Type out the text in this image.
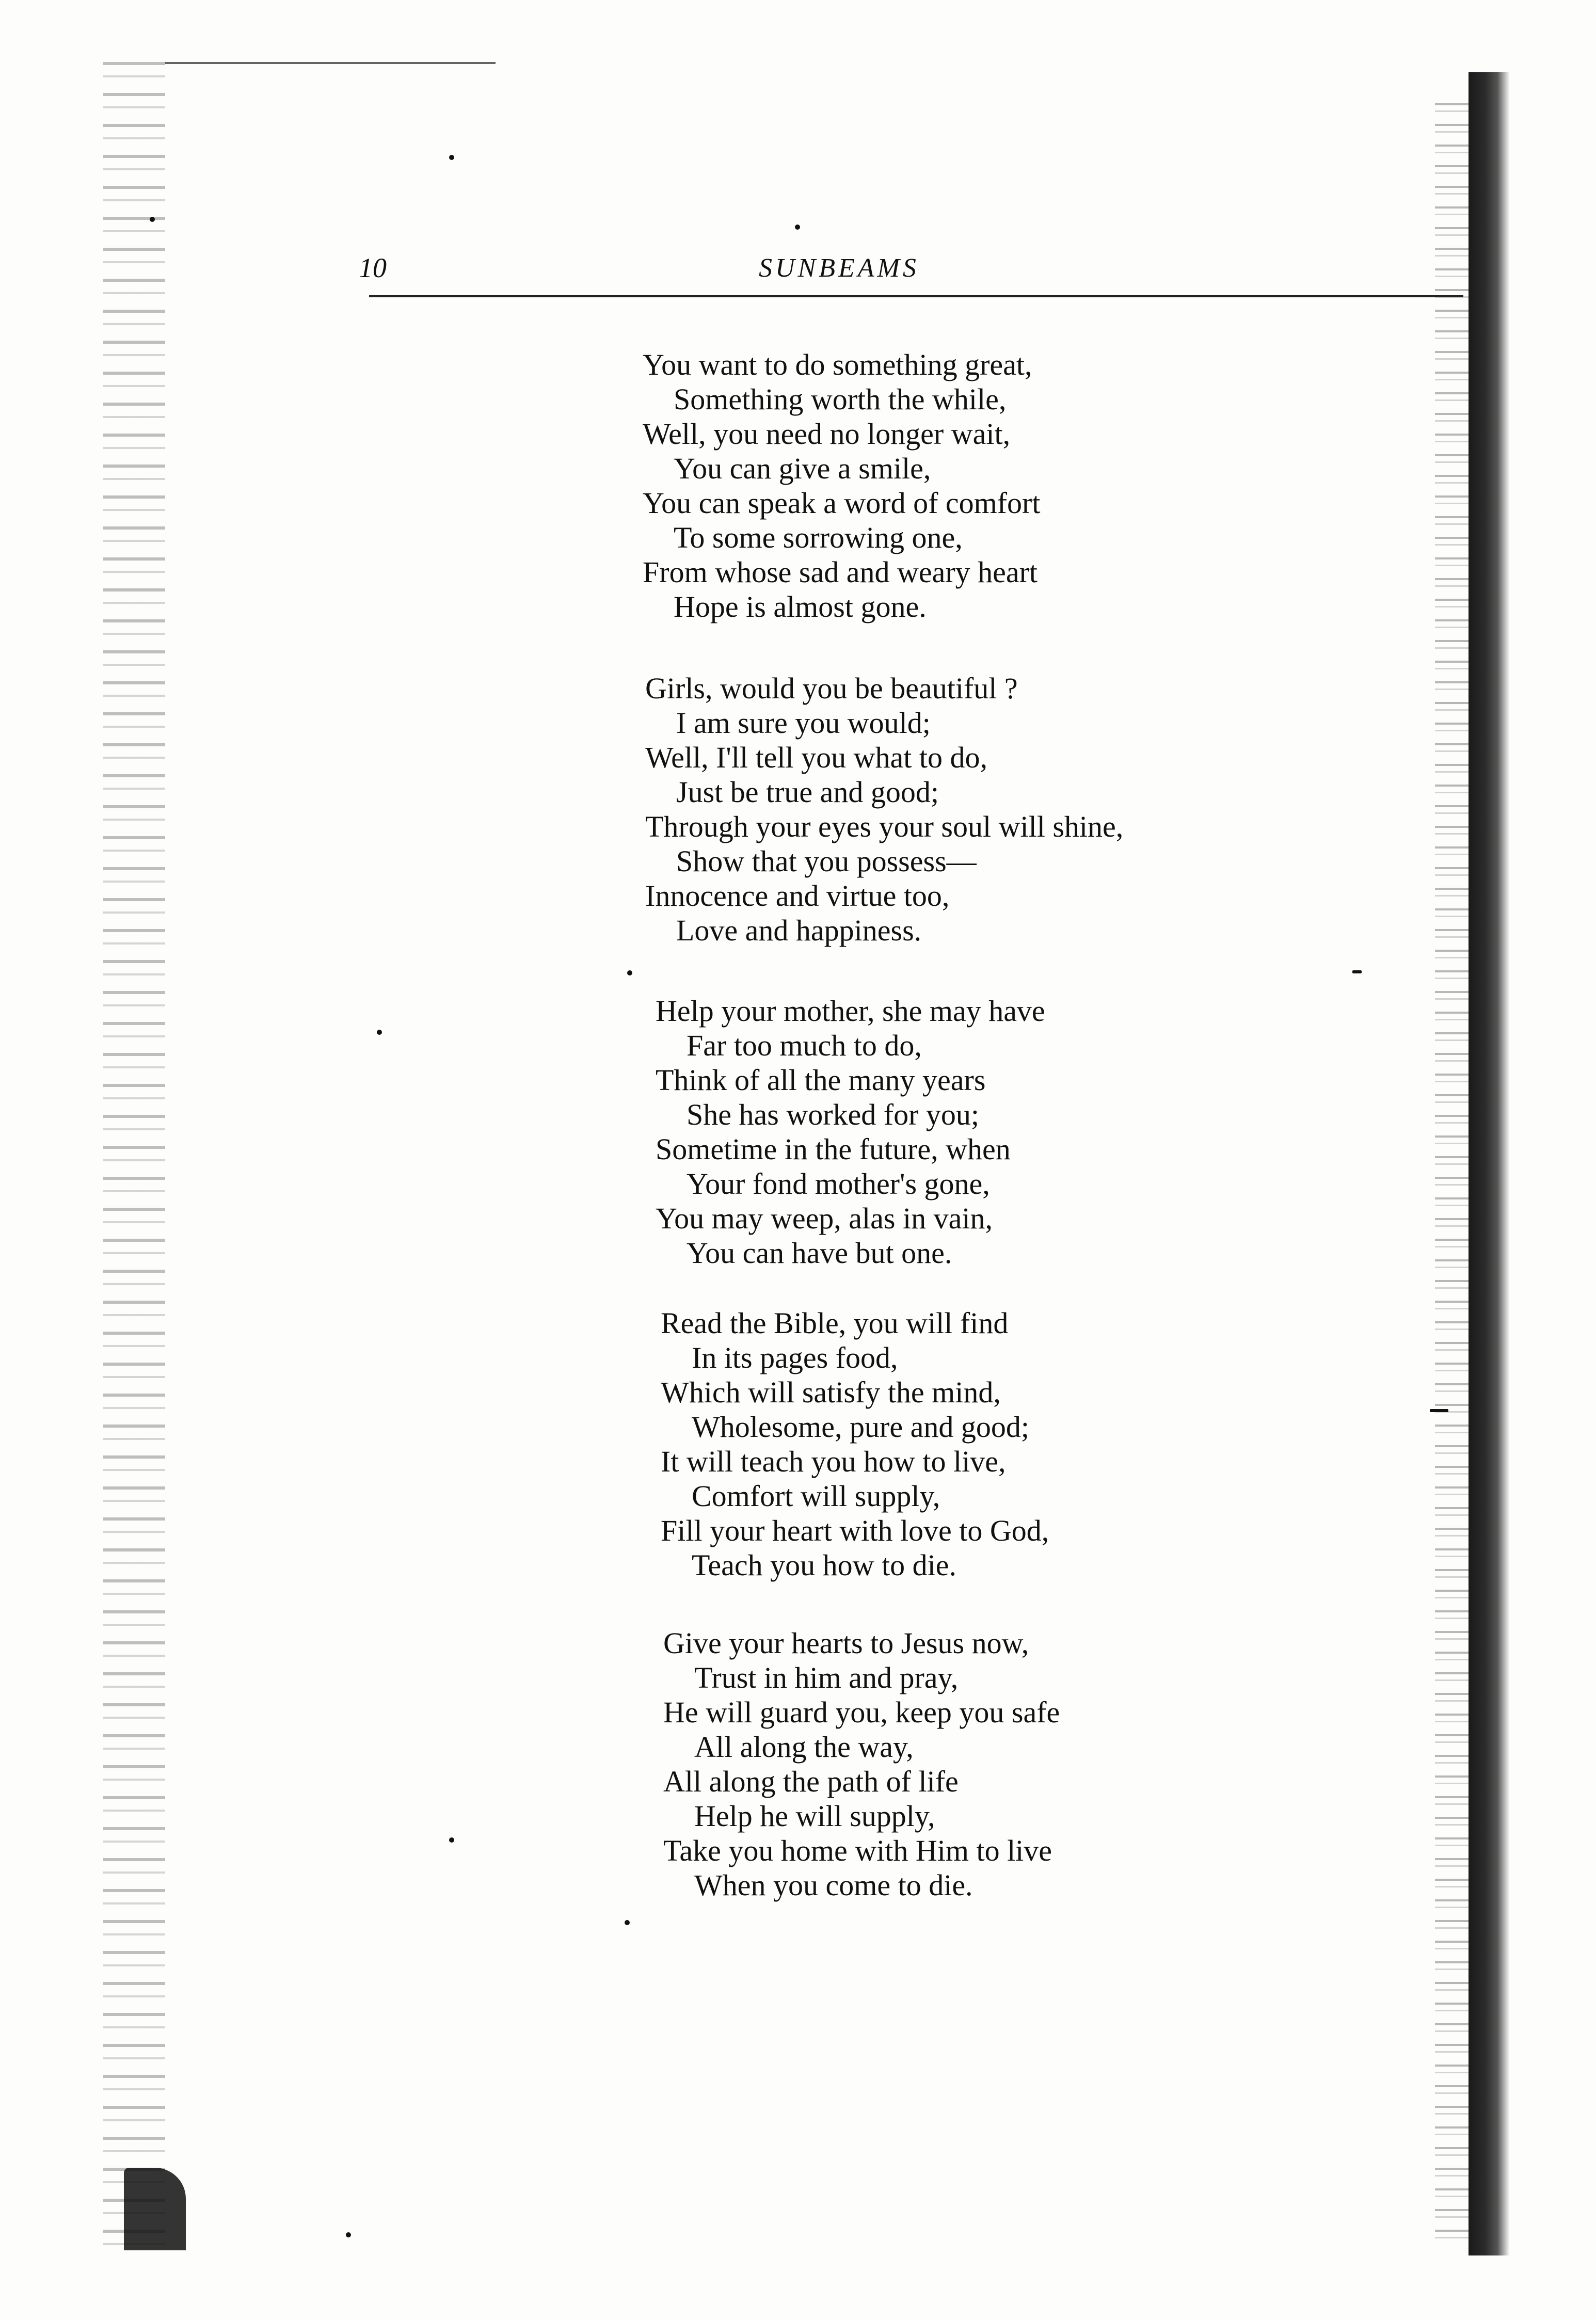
10	SUNBEAMS

You want to do something great,
Something worth the while,
Well, you need no longer wait,
You can give a smile,
You can speak a word of comfort
To some sorrowing one,
From whose sad and weary heart
Hope is almost gone.

Girls, would you be beautiful ?
I am sure you would;
Well, I'll tell you what to do,
Just be true and good;
Through your eyes your soul will shine,
Show that you possess—
Innocence and virtue too,
Love and happiness.

Help your mother, she may have
Far too much to do,
Think of all the many years
She has worked for you;
Sometime in the future, when
Your fond mother's gone,
You may weep, alas in vain,
You can have but one.

Read the Bible, you will find
In its pages food,
Which will satisfy the mind,
Wholesome, pure and good;
It will teach you how to live,
Comfort will supply,
Fill your heart with love to God,
Teach you how to die.

Give your hearts to Jesus now,
Trust in him and pray,
He will guard you, keep you safe
All along the way,
All along the path of life
Help he will supply,
Take you home with Him to live
When you come to die.
